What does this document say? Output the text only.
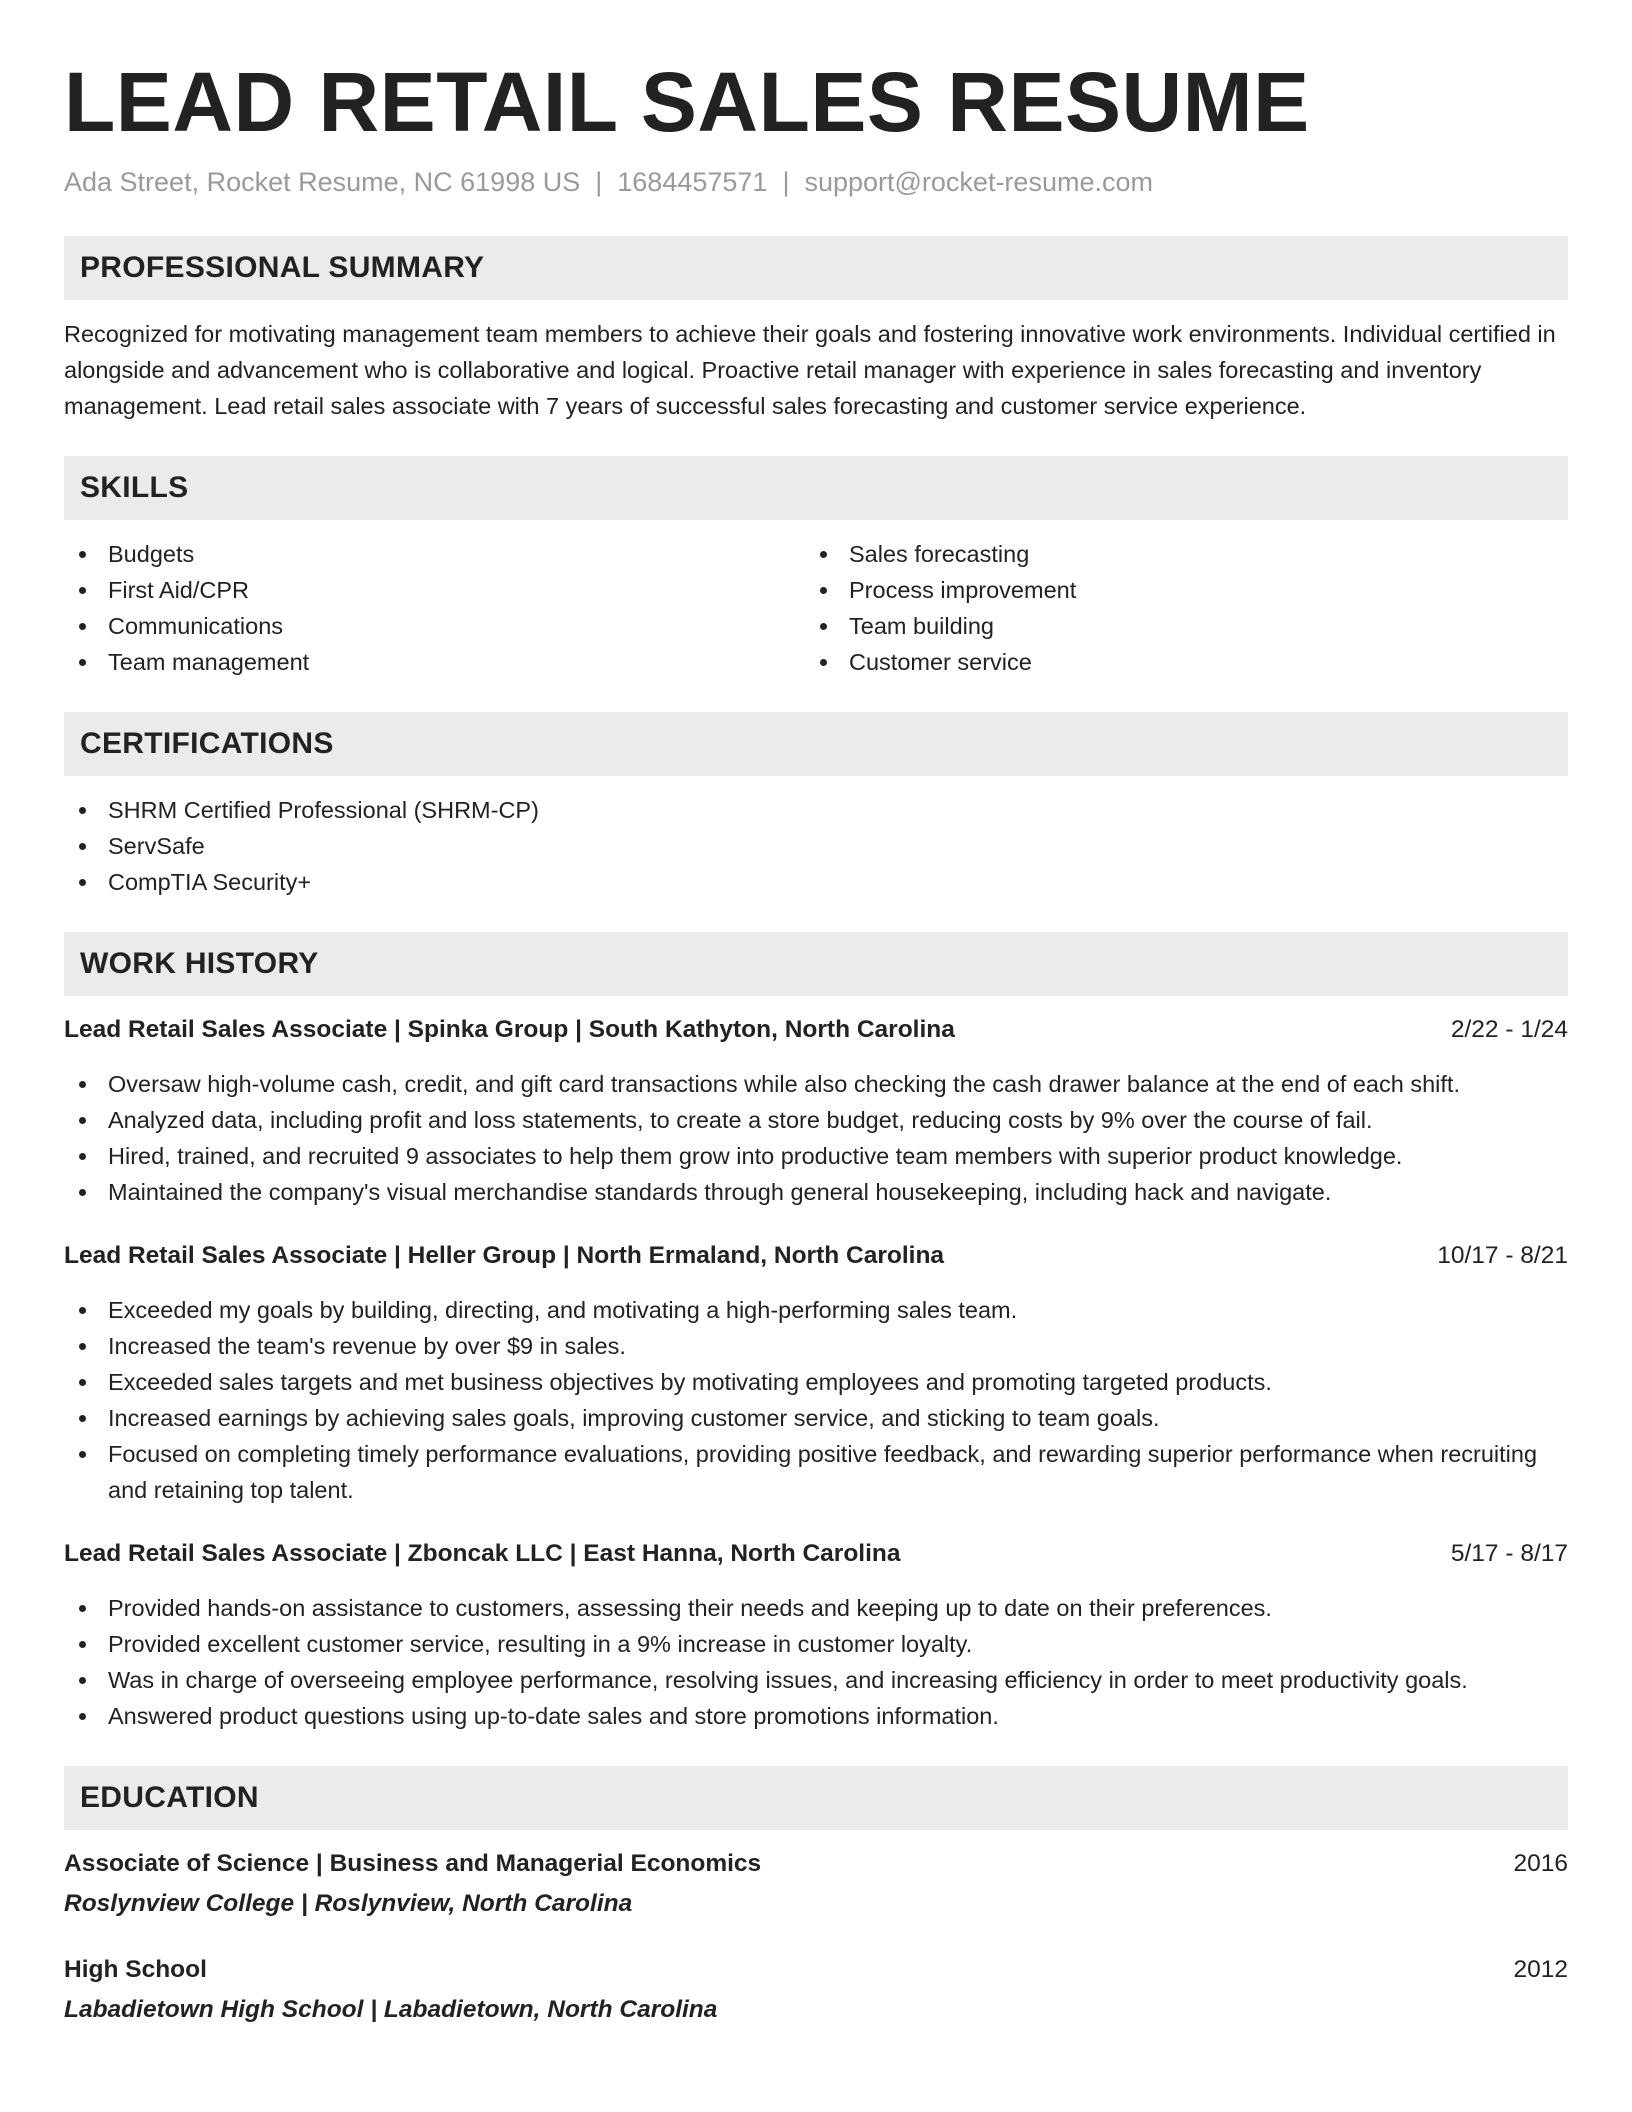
LEAD RETAIL SALES RESUME
Ada Street, Rocket Resume, NC 61998 US | 1684457571 | support@rocket-resume.com
PROFESSIONAL SUMMARY

Recognized for motivating management team members to achieve their goals and fostering innovative work environments. Individual certified in alongside and advancement who is collaborative and logical. Proactive retail manager with experience in sales forecasting and inventory management. Lead retail sales associate with 7 years of successful sales forecasting and customer service experience.

SKILLS
Budgets
First Aid/CPR
Communications
Team management
Sales forecasting
Process improvement
Team building
Customer service
CERTIFICATIONS
SHRM Certified Professional (SHRM-CP)
ServSafe
CompTIA Security+
WORK HISTORY
Lead Retail Sales Associate | Spinka Group | South Kathyton, North Carolina	2/22 - 1/24
Oversaw high-volume cash, credit, and gift card transactions while also checking the cash drawer balance at the end of each shift.
Analyzed data, including profit and loss statements, to create a store budget, reducing costs by 9% over the course of fail.
Hired, trained, and recruited 9 associates to help them grow into productive team members with superior product knowledge.
Maintained the company's visual merchandise standards through general housekeeping, including hack and navigate.
Lead Retail Sales Associate | Heller Group | North Ermaland, North Carolina	10/17 - 8/21
Exceeded my goals by building, directing, and motivating a high-performing sales team.
Increased the team's revenue by over $9 in sales.
Exceeded sales targets and met business objectives by motivating employees and promoting targeted products.
Increased earnings by achieving sales goals, improving customer service, and sticking to team goals.
Focused on completing timely performance evaluations, providing positive feedback, and rewarding superior performance when recruiting and retaining top talent.
Lead Retail Sales Associate | Zboncak LLC | East Hanna, North Carolina	5/17 - 8/17
Provided hands-on assistance to customers, assessing their needs and keeping up to date on their preferences.
Provided excellent customer service, resulting in a 9% increase in customer loyalty.
Was in charge of overseeing employee performance, resolving issues, and increasing efficiency in order to meet productivity goals.
Answered product questions using up-to-date sales and store promotions information.
EDUCATION
Associate of Science | Business and Managerial Economics	2016
Roslynview College | Roslynview, North Carolina
High School	2012
Labadietown High School | Labadietown, North Carolina
